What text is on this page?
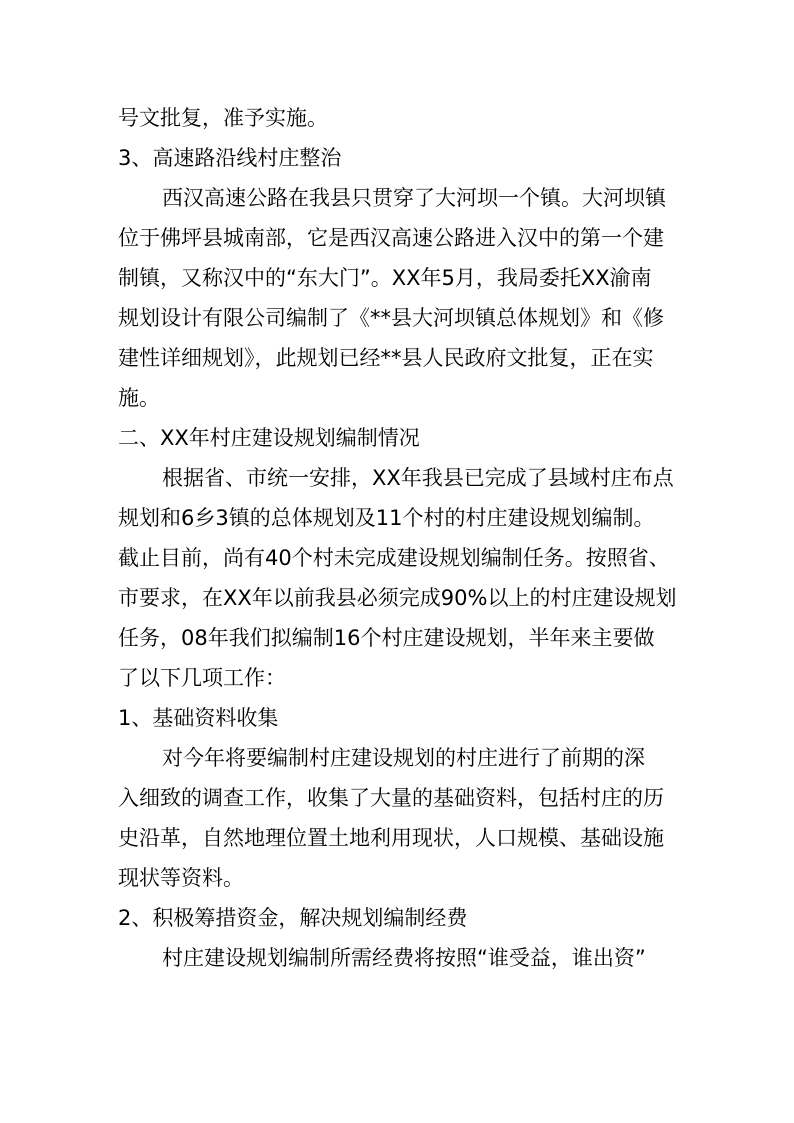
号文批复，准予实施。

3、高速路沿线村庄整治

西汉高速公路在我县只贯穿了大河坝一个镇。大河坝镇

位于佛坪县城南部，它是西汉高速公路进入汉中的第一个建

制镇，又称汉中的“东大门”。XX年5月，我局委托XX渝南

规划设计有限公司编制了《**县大河坝镇总体规划》和《修

建性详细规划》，此规划已经**县人民政府文批复，正在实

施。

二、XX年村庄建设规划编制情况

根据省、市统一安排，XX年我县已完成了县域村庄布点

规划和6乡3镇的总体规划及11个村的村庄建设规划编制。

截止目前，尚有40个村未完成建设规划编制任务。按照省、

市要求，在XX年以前我县必须完成90%以上的村庄建设规划

任务，08年我们拟编制16个村庄建设规划，半年来主要做

了以下几项工作：

1、基础资料收集

对今年将要编制村庄建设规划的村庄进行了前期的深

入细致的调查工作，收集了大量的基础资料，包括村庄的历

史沿革，自然地理位置土地利用现状，人口规模、基础设施

现状等资料。

2、积极筹措资金，解决规划编制经费

村庄建设规划编制所需经费将按照“谁受益，谁出资”
